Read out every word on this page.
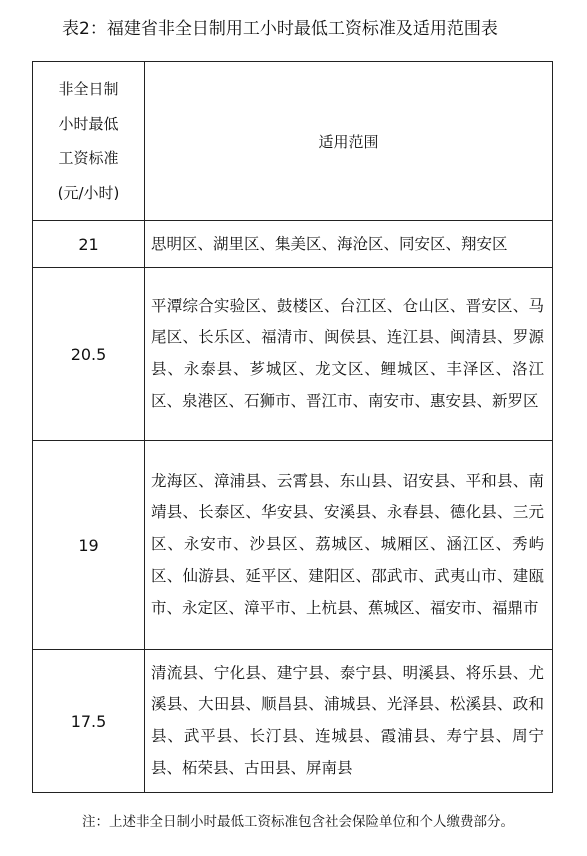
表2：福建省非全日制用工小时最低工资标准及适用范围表
非全日制
小时最低
工资标准
(元/小时)	适用范围
21	思明区、湖里区、集美区、海沧区、同安区、翔安区
20.5	平潭综合实验区、鼓楼区、台江区、仓山区、晋安区、马尾区、长乐区、福清市、闽侯县、连江县、闽清县、罗源县、永泰县、芗城区、龙文区、鲤城区、丰泽区、洛江区、泉港区、石狮市、晋江市、南安市、惠安县、新罗区
19	龙海区、漳浦县、云霄县、东山县、诏安县、平和县、南靖县、长泰区、华安县、安溪县、永春县、德化县、三元区、永安市、沙县区、荔城区、城厢区、涵江区、秀屿区、仙游县、延平区、建阳区、邵武市、武夷山市、建瓯市、永定区、漳平市、上杭县、蕉城区、福安市、福鼎市
17.5	清流县、宁化县、建宁县、泰宁县、明溪县、将乐县、尤溪县、大田县、顺昌县、浦城县、光泽县、松溪县、政和县、武平县、长汀县、连城县、霞浦县、寿宁县、周宁县、柘荣县、古田县、屏南县
注：上述非全日制小时最低工资标准包含社会保险单位和个人缴费部分。
